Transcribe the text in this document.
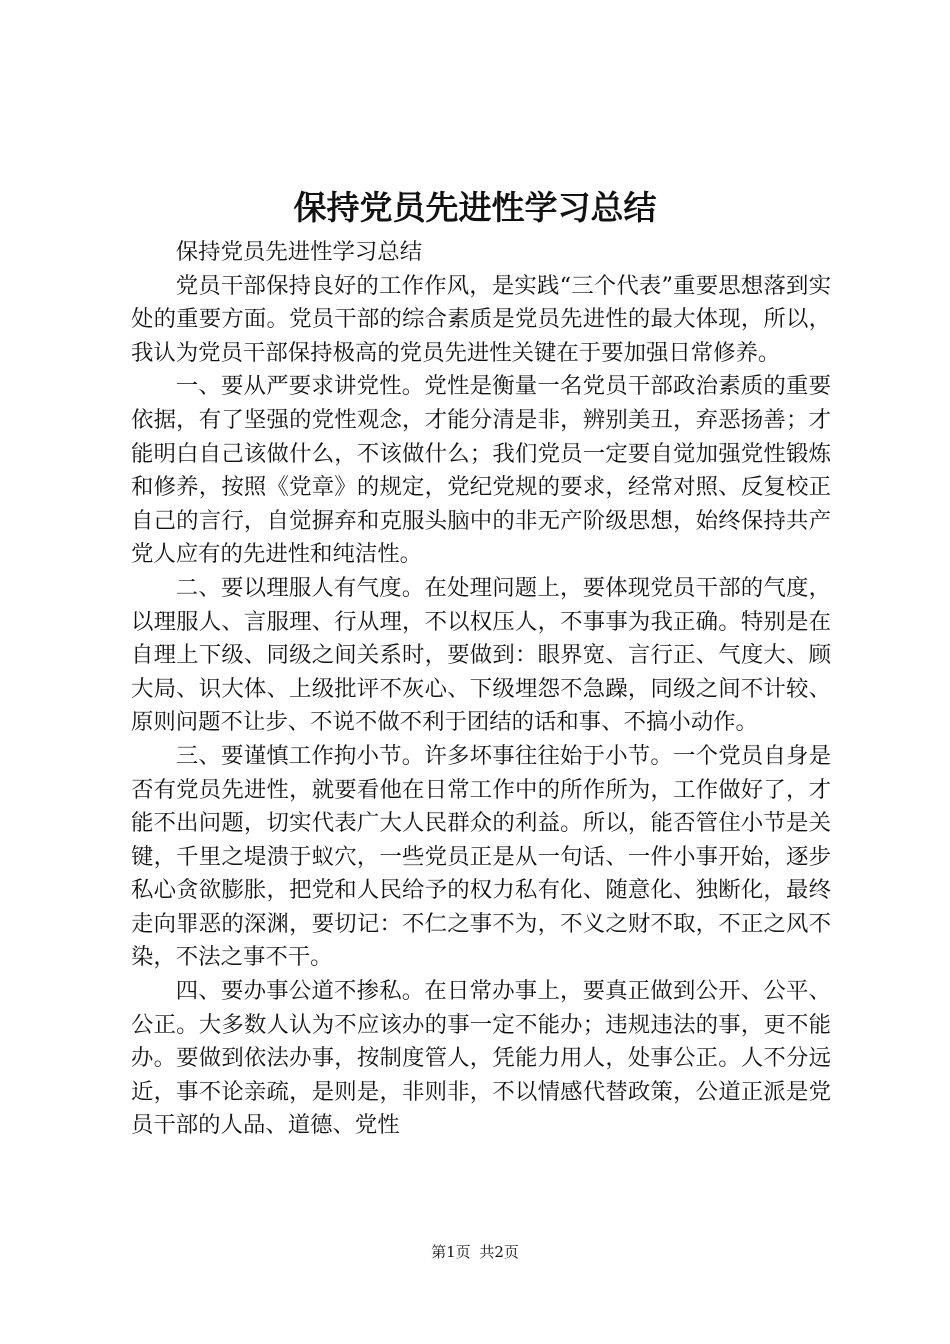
保持党员先进性学习总结

保持党员先进性学习总结

党员干部保持良好的工作作风，是实践“三个代表”重要思想落到实处的重要方面。党员干部的综合素质是党员先进性的最大体现，所以，我认为党员干部保持极高的党员先进性关键在于要加强日常修养。

一、要从严要求讲党性。党性是衡量一名党员干部政治素质的重要依据，有了坚强的党性观念，才能分清是非，辨别美丑，弃恶扬善；才能明白自己该做什么，不该做什么；我们党员一定要自觉加强党性锻炼和修养，按照《党章》的规定，党纪党规的要求，经常对照、反复校正自己的言行，自觉摒弃和克服头脑中的非无产阶级思想，始终保持共产党人应有的先进性和纯洁性。

二、要以理服人有气度。在处理问题上，要体现党员干部的气度，以理服人、言服理、行从理，不以权压人，不事事为我正确。特别是在自理上下级、同级之间关系时，要做到：眼界宽、言行正、气度大、顾大局、识大体、上级批评不灰心、下级埋怨不急躁，同级之间不计较、原则问题不让步、不说不做不利于团结的话和事、不搞小动作。

三、要谨慎工作拘小节。许多坏事往往始于小节。一个党员自身是否有党员先进性，就要看他在日常工作中的所作所为，工作做好了，才能不出问题，切实代表广大人民群众的利益。所以，能否管住小节是关键，千里之堤溃于蚁穴，一些党员正是从一句话、一件小事开始，逐步私心贪欲膨胀，把党和人民给予的权力私有化、随意化、独断化，最终走向罪恶的深渊，要切记：不仁之事不为，不义之财不取，不正之风不染，不法之事不干。

四、要办事公道不掺私。在日常办事上，要真正做到公开、公平、公正。大多数人认为不应该办的事一定不能办；违规违法的事，更不能办。要做到依法办事，按制度管人，凭能力用人，处事公正。人不分远近，事不论亲疏，是则是，非则非，不以情感代替政策，公道正派是党员干部的人品、道德、党性

第1页 共2页
